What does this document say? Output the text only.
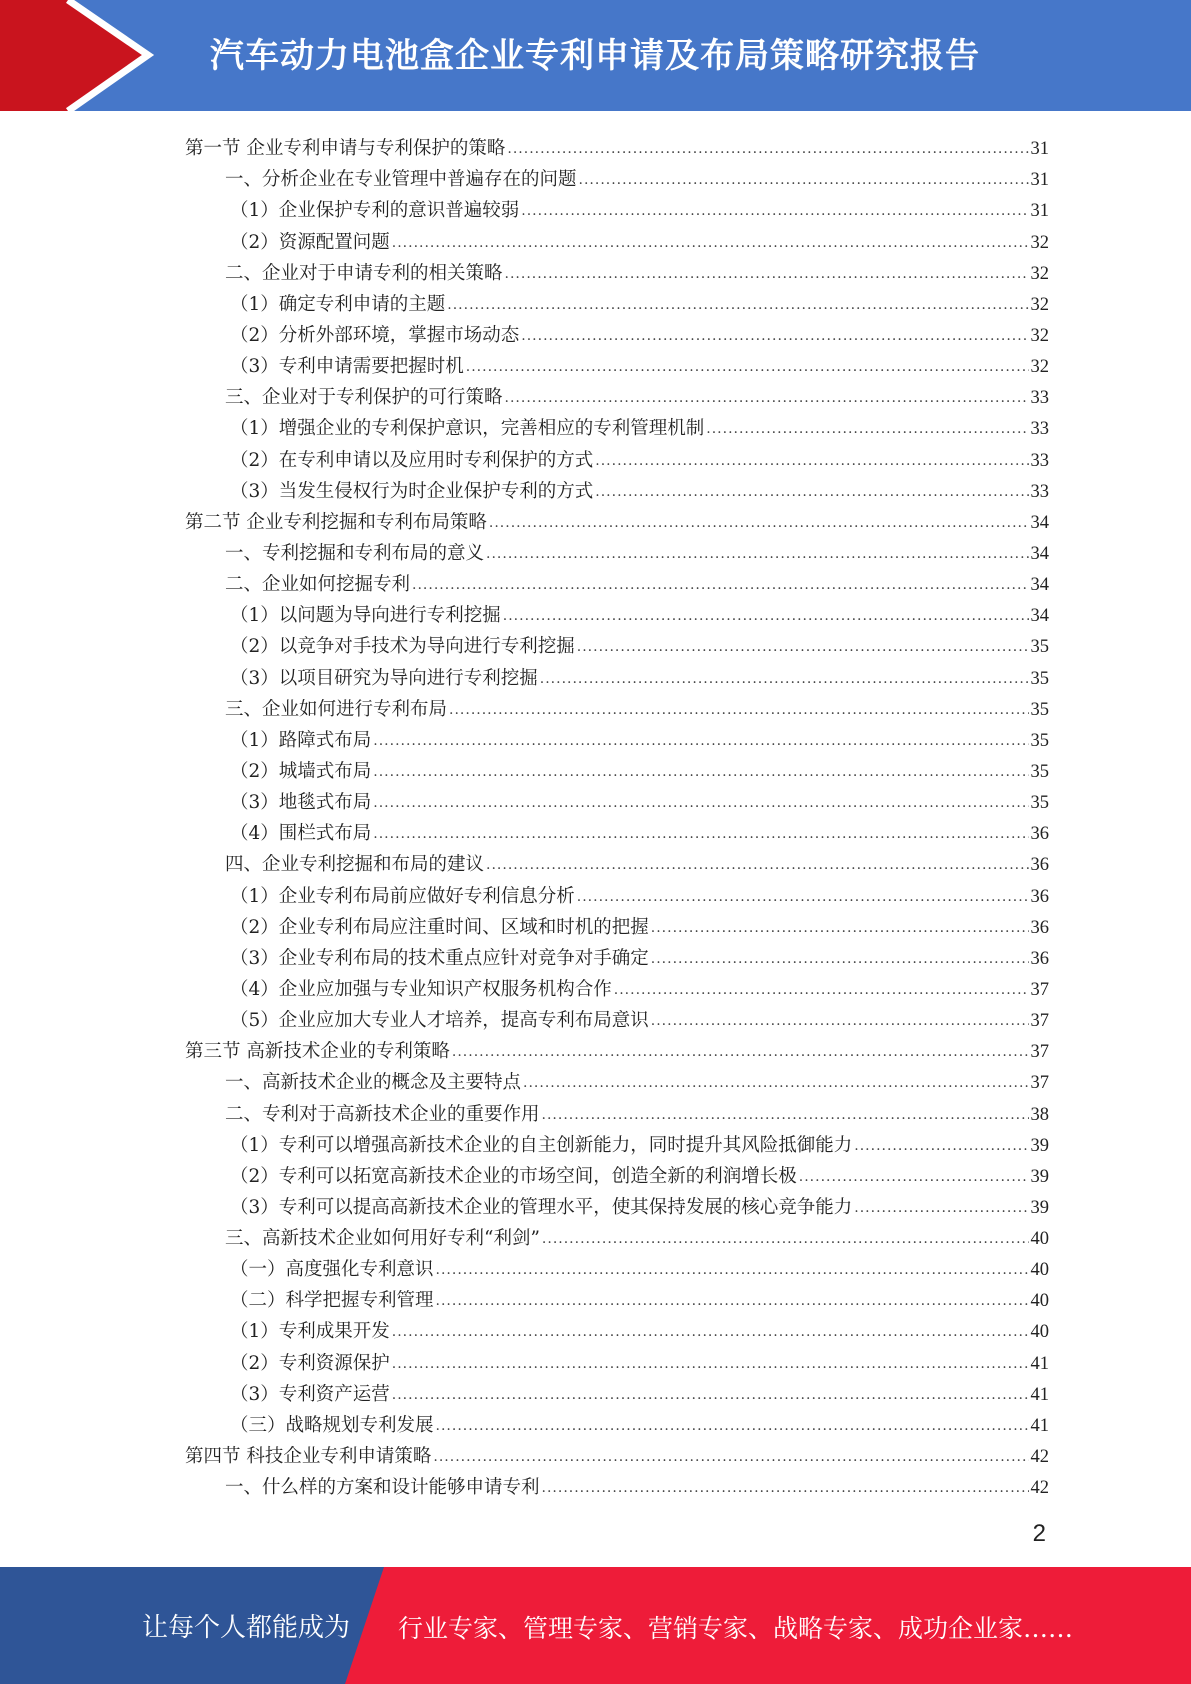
汽车动力电池盒企业专利申请及布局策略研究报告
第一节 企业专利申请与专利保护的策略 .....	31
一、分析企业在专业管理中普遍存在的问题 .....	31
（1）企业保护专利的意识普遍较弱 .....	31
（2）资源配置问题 .....	32
二、企业对于申请专利的相关策略 .....	32
（1）确定专利申请的主题 .....	32
（2）分析外部环境，掌握市场动态 .....	32
（3）专利申请需要把握时机 .....	32
三、企业对于专利保护的可行策略 .....	33
（1）增强企业的专利保护意识，完善相应的专利管理机制 .....	33
（2）在专利申请以及应用时专利保护的方式 .....	33
（3）当发生侵权行为时企业保护专利的方式 .....	33
第二节 企业专利挖掘和专利布局策略 .....	34
一、专利挖掘和专利布局的意义 .....	34
二、企业如何挖掘专利 .....	34
（1）以问题为导向进行专利挖掘 .....	34
（2）以竞争对手技术为导向进行专利挖掘 .....	35
（3）以项目研究为导向进行专利挖掘 .....	35
三、企业如何进行专利布局 .....	35
（1）路障式布局 .....	35
（2）城墙式布局 .....	35
（3）地毯式布局 .....	35
（4）围栏式布局 .....	36
四、企业专利挖掘和布局的建议 .....	36
（1）企业专利布局前应做好专利信息分析 .....	36
（2）企业专利布局应注重时间、区域和时机的把握 .....	36
（3）企业专利布局的技术重点应针对竞争对手确定 .....	36
（4）企业应加强与专业知识产权服务机构合作 .....	37
（5）企业应加大专业人才培养，提高专利布局意识 .....	37
第三节 高新技术企业的专利策略 .....	37
一、高新技术企业的概念及主要特点 .....	37
二、专利对于高新技术企业的重要作用 .....	38
（1）专利可以增强高新技术企业的自主创新能力，同时提升其风险抵御能力 .....	39
（2）专利可以拓宽高新技术企业的市场空间，创造全新的利润增长极 .....	39
（3）专利可以提高高新技术企业的管理水平，使其保持发展的核心竞争能力 .....	39
三、高新技术企业如何用好专利“利剑” .....	40
（一）高度强化专利意识 .....	40
（二）科学把握专利管理 .....	40
（1）专利成果开发 .....	40
（2）专利资源保护 .....	41
（3）专利资产运营 .....	41
（三）战略规划专利发展 .....	41
第四节 科技企业专利申请策略 .....	42
一、什么样的方案和设计能够申请专利 .....	42
2
让每个人都能成为 行业专家、管理专家、营销专家、战略专家、成功企业家……
